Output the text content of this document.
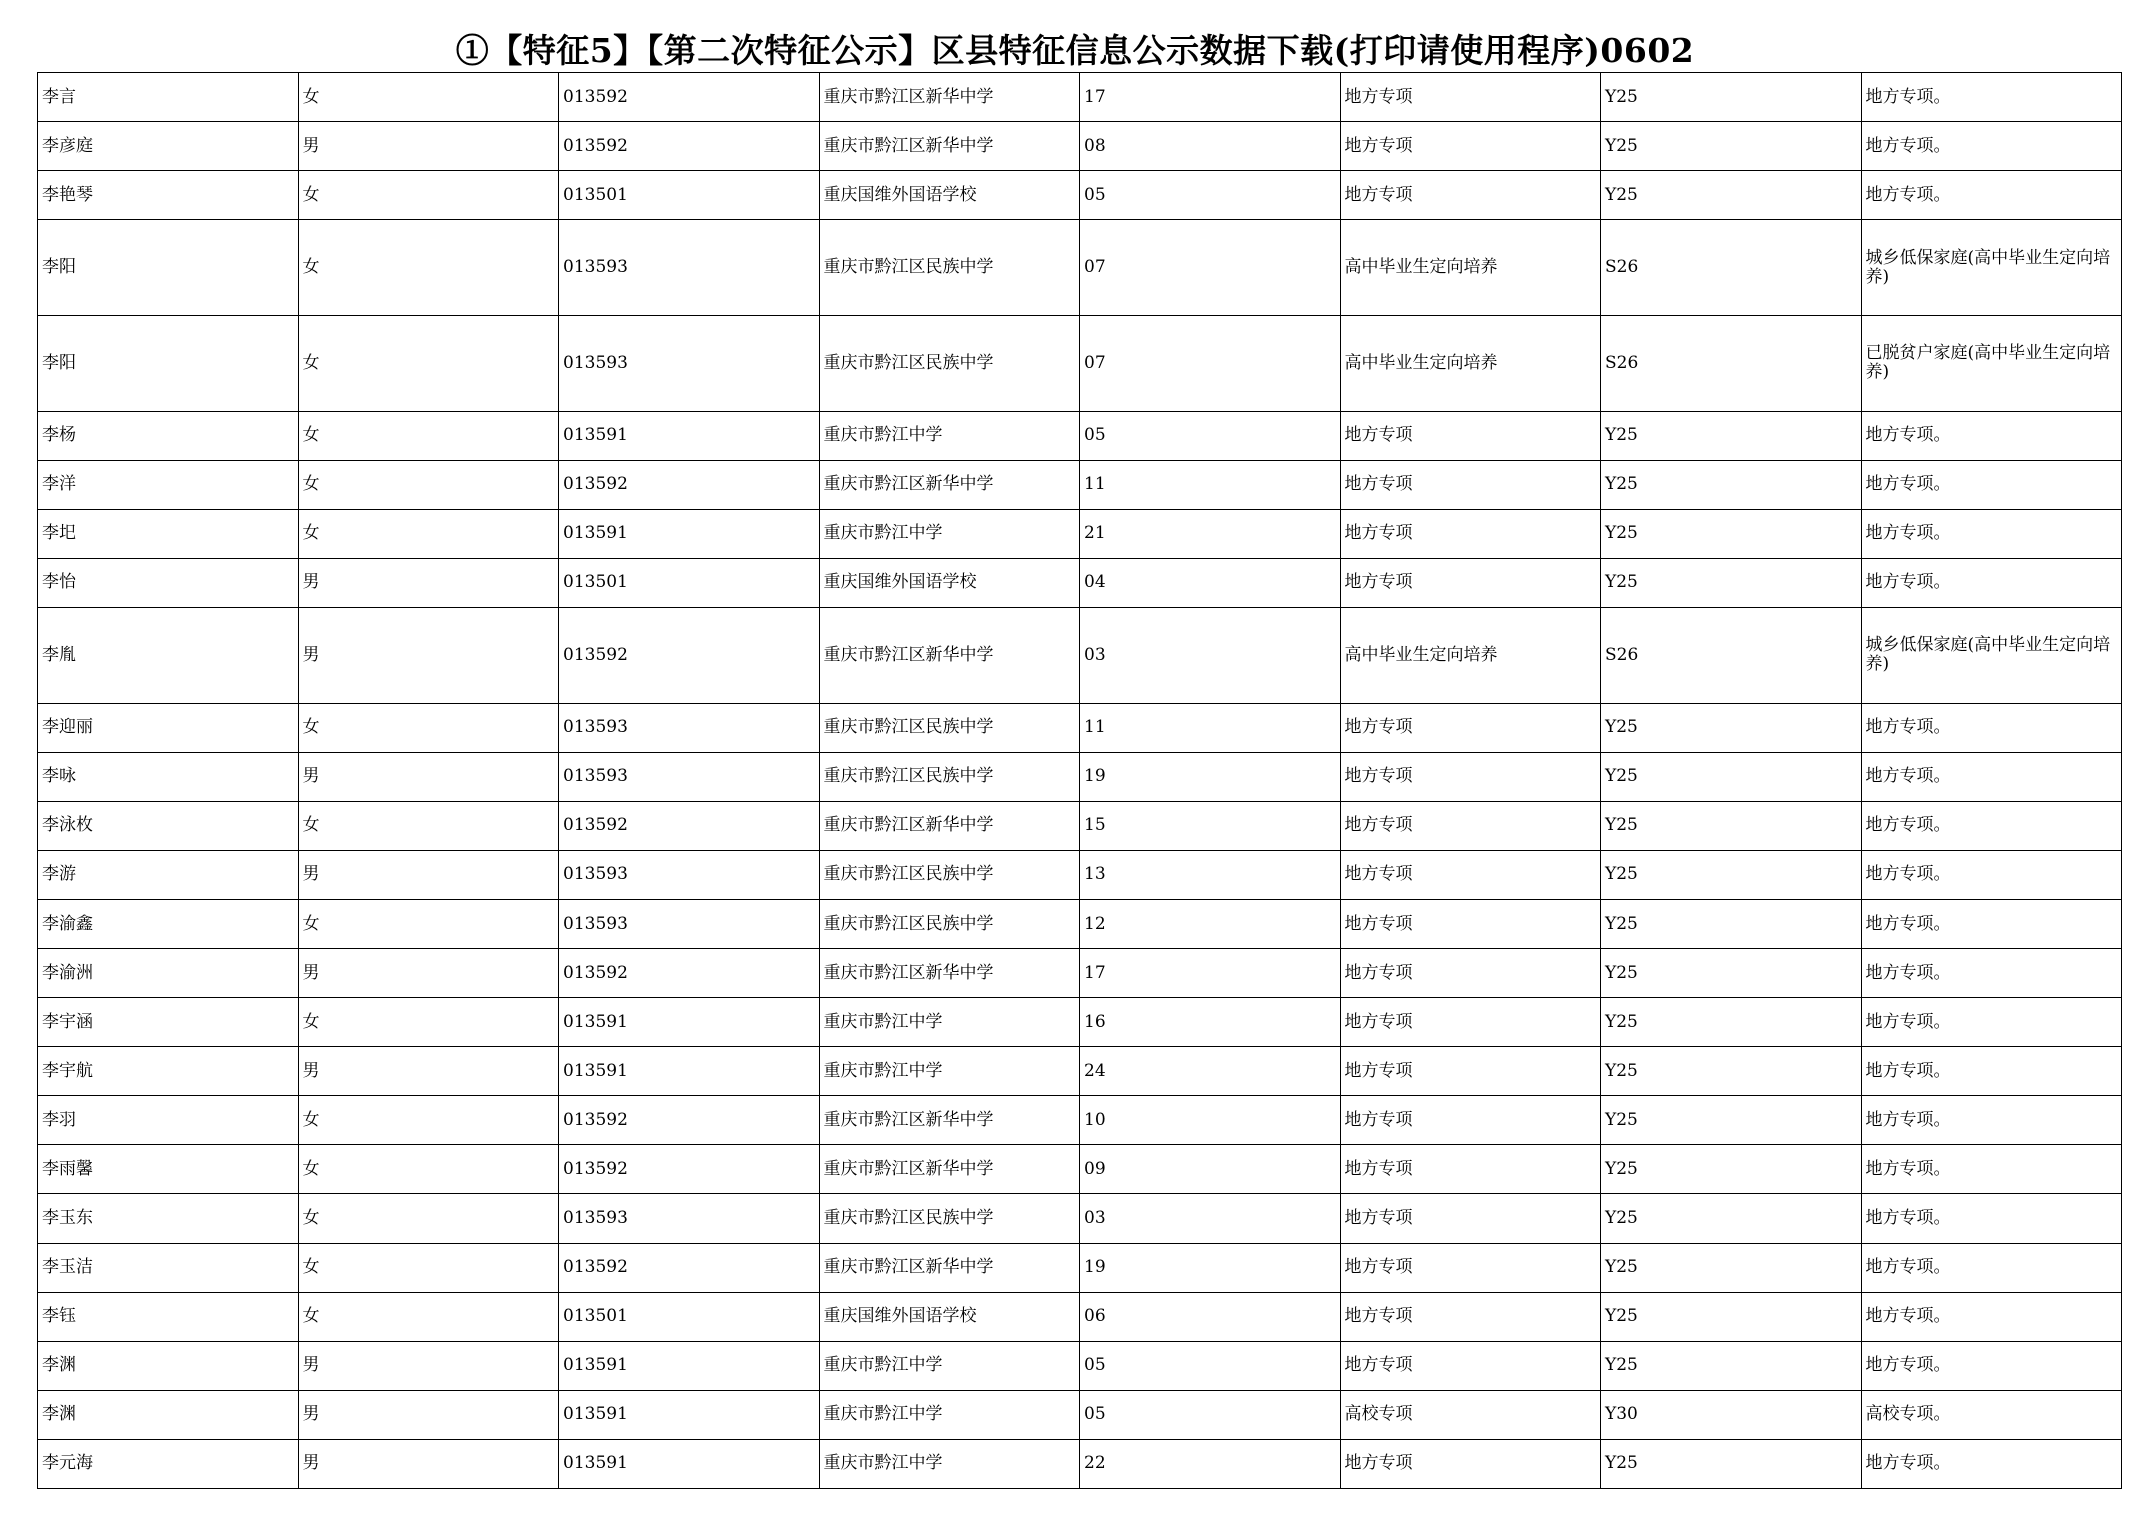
①【特征5】【第二次特征公示】区县特征信息公示数据下载(打印请使用程序)0602
李言	女	013592	重庆市黔江区新华中学	17	地方专项	Y25	地方专项。
李彦庭	男	013592	重庆市黔江区新华中学	08	地方专项	Y25	地方专项。
李艳琴	女	013501	重庆国维外国语学校	05	地方专项	Y25	地方专项。
李阳	女	013593	重庆市黔江区民族中学	07	高中毕业生定向培养	S26	城乡低保家庭(高中毕业生定向培养)
李阳	女	013593	重庆市黔江区民族中学	07	高中毕业生定向培养	S26	已脱贫户家庭(高中毕业生定向培养)
李杨	女	013591	重庆市黔江中学	05	地方专项	Y25	地方专项。
李洋	女	013592	重庆市黔江区新华中学	11	地方专项	Y25	地方专项。
李圯	女	013591	重庆市黔江中学	21	地方专项	Y25	地方专项。
李怡	男	013501	重庆国维外国语学校	04	地方专项	Y25	地方专项。
李胤	男	013592	重庆市黔江区新华中学	03	高中毕业生定向培养	S26	城乡低保家庭(高中毕业生定向培养)
李迎丽	女	013593	重庆市黔江区民族中学	11	地方专项	Y25	地方专项。
李咏	男	013593	重庆市黔江区民族中学	19	地方专项	Y25	地方专项。
李泳枚	女	013592	重庆市黔江区新华中学	15	地方专项	Y25	地方专项。
李游	男	013593	重庆市黔江区民族中学	13	地方专项	Y25	地方专项。
李渝鑫	女	013593	重庆市黔江区民族中学	12	地方专项	Y25	地方专项。
李渝洲	男	013592	重庆市黔江区新华中学	17	地方专项	Y25	地方专项。
李宇涵	女	013591	重庆市黔江中学	16	地方专项	Y25	地方专项。
李宇航	男	013591	重庆市黔江中学	24	地方专项	Y25	地方专项。
李羽	女	013592	重庆市黔江区新华中学	10	地方专项	Y25	地方专项。
李雨馨	女	013592	重庆市黔江区新华中学	09	地方专项	Y25	地方专项。
李玉东	女	013593	重庆市黔江区民族中学	03	地方专项	Y25	地方专项。
李玉洁	女	013592	重庆市黔江区新华中学	19	地方专项	Y25	地方专项。
李钰	女	013501	重庆国维外国语学校	06	地方专项	Y25	地方专项。
李渊	男	013591	重庆市黔江中学	05	地方专项	Y25	地方专项。
李渊	男	013591	重庆市黔江中学	05	高校专项	Y30	高校专项。
李元海	男	013591	重庆市黔江中学	22	地方专项	Y25	地方专项。
